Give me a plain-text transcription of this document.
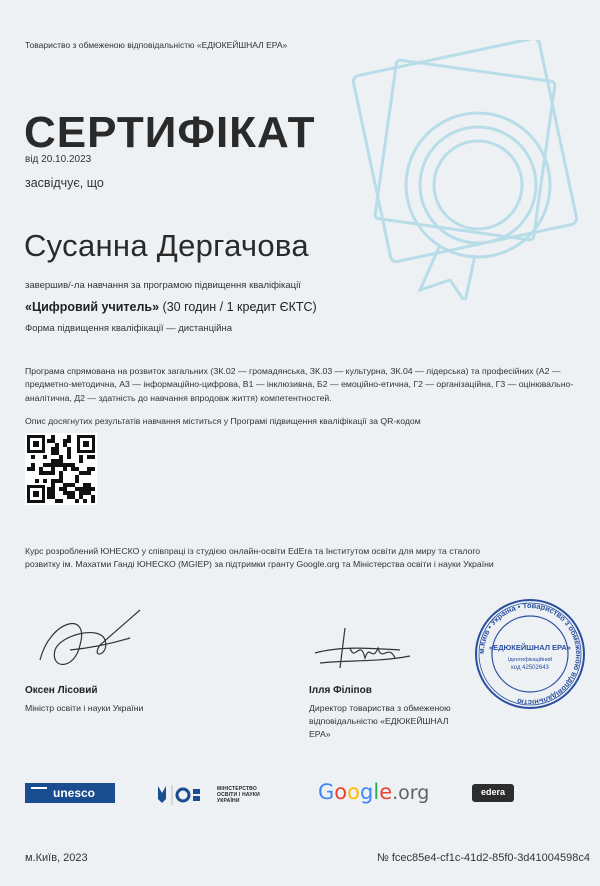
Товариство з обмеженою відповідальністю «ЕДЮКЕЙШНАЛ ЕРА»
СЕРТИФІКАТ
від 20.10.2023
засвідчує, що
Сусанна Дергачова
завершив/-ла навчання за програмою підвищення кваліфікації
«Цифровий учитель» (30 годин / 1 кредит ЄКТС)
Форма підвищення кваліфікації — дистанційна
Програма спрямована на розвиток загальних (ЗК.02 — громадянська, ЗК.03 — культурна, ЗК.04 — лідерська) та професійних (А2 — предметно-методична, А3 — інформаційно-цифрова, В1 — інклюзивна, Б2 — емоційно-етична, Г2 — організаційна, Г3 — оцінювально-аналітична, Д2 — здатність до навчання впродовж життя) компетентностей.
Опис досягнутих результатів навчання міститься у Програмі підвищення кваліфікації за QR-кодом
Курс розроблений ЮНЕСКО у співпраці із студією онлайн-освіти EdEra та Інститутом освіти для миру та сталого розвитку ім. Махатми Ганді ЮНЕСКО (MGIEP) за підтримки гранту Google.org та Міністерства освіти і науки України
Оксен Лісовий
Міністр освіти і науки України
Ілля Філіпов
Директор товариства з обмеженою відповідальністю «ЕДЮКЕЙШНАЛ ЕРА»
м.Київ • Україна • Товариство з обмеженою відповідальністю
«ЕДЮКЕЙШНАЛ ЕРА»
Ідентифікаційний
код 42502643
unesco	МІНІСТЕРСТВО ОСВІТИ І НАУКИ УКРАЇНИ	Google.org	edera
м.Київ, 2023	№ fcec85e4-cf1c-41d2-85f0-3d41004598c4
